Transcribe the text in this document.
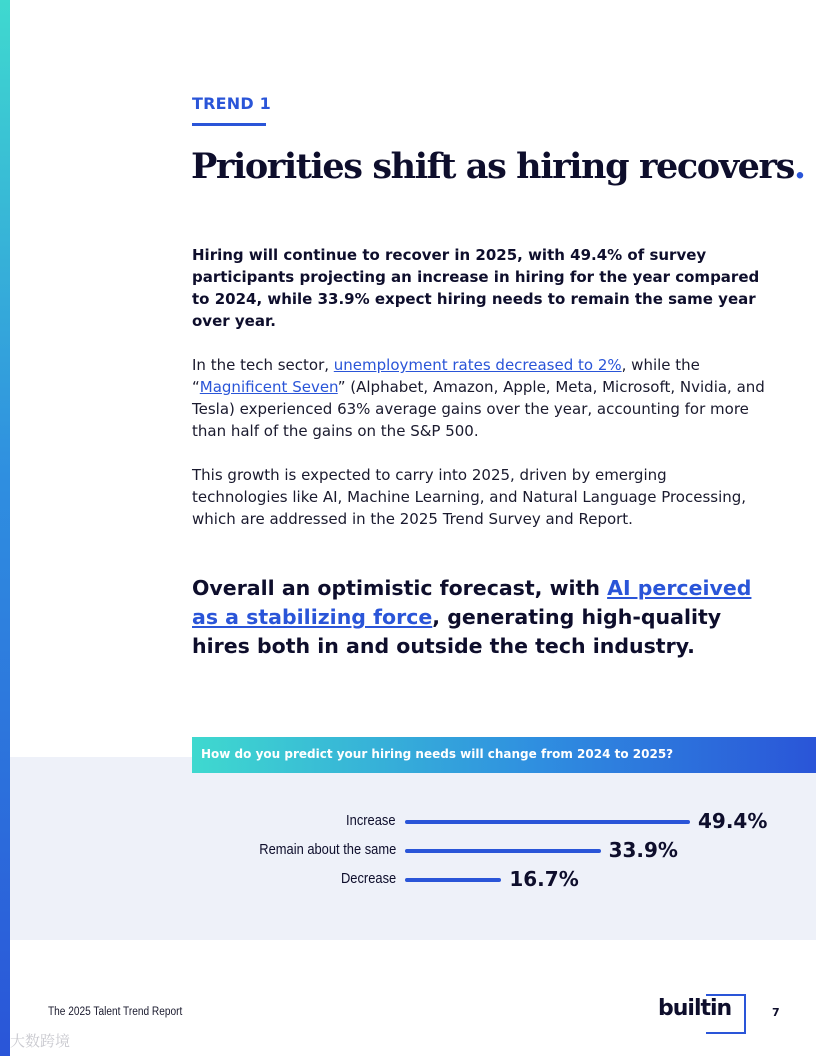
TREND 1
Priorities shift as hiring recovers.
Hiring will continue to recover in 2025, with 49.4% of survey participants projecting an increase in hiring for the year compared to 2024, while 33.9% expect hiring needs to remain the same year over year.
In the tech sector, unemployment rates decreased to 2%, while the “Magnificent Seven” (Alphabet, Amazon, Apple, Meta, Microsoft, Nvidia, and Tesla) experienced 63% average gains over the year, accounting for more than half of the gains on the S&P 500.
This growth is expected to carry into 2025, driven by emerging technologies like AI, Machine Learning, and Natural Language Processing, which are addressed in the 2025 Trend Survey and Report.
Overall an optimistic forecast, with AI perceived as a stabilizing force, generating high-quality hires both in and outside the tech industry.
How do you predict your hiring needs will change from 2024 to 2025?
Increase	49.4%
Remain about the same	33.9%
Decrease	16.7%
The 2025 Talent Trend Report	builtin	7
大数跨境
